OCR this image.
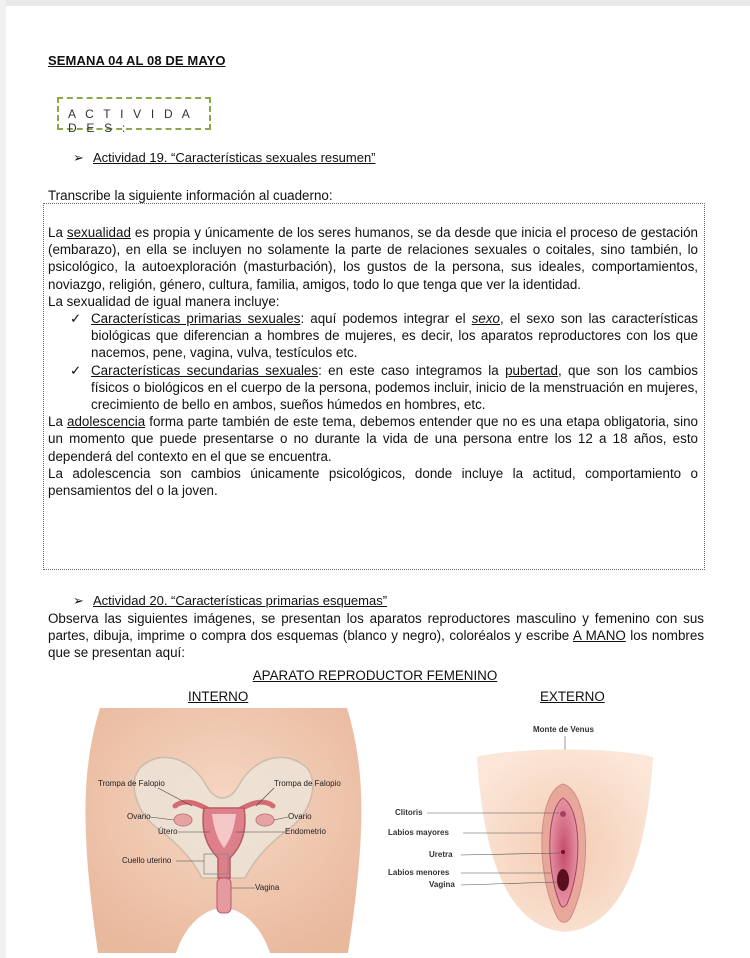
SEMANA 04 AL 08 DE MAYO
A C T I V I D A D E S :
➢ Actividad 19. “Características sexuales resumen”
Transcribe la siguiente información al cuaderno:

La sexualidad es propia y únicamente de los seres humanos, se da desde que inicia el proceso de gestación (embarazo), en ella se incluyen no solamente la parte de relaciones sexuales o coitales, sino también, lo psicológico, la autoexploración (masturbación), los gustos de la persona, sus ideales, comportamientos, noviazgo, religión, género, cultura, familia, amigos, todo lo que tenga que ver la identidad.

La sexualidad de igual manera incluye:

✓ Características primarias sexuales: aquí podemos integrar el sexo, el sexo son las características biológicas que diferencian a hombres de mujeres, es decir, los aparatos reproductores con los que nacemos, pene, vagina, vulva, testículos etc.
✓ Características secundarias sexuales: en este caso integramos la pubertad, que son los cambios físicos o biológicos en el cuerpo de la persona, podemos incluir, inicio de la menstruación en mujeres, crecimiento de bello en ambos, sueños húmedos en hombres, etc.

La adolescencia forma parte también de este tema, debemos entender que no es una etapa obligatoria, sino un momento que puede presentarse o no durante la vida de una persona entre los 12 a 18 años, esto dependerá del contexto en el que se encuentra.

La adolescencia son cambios únicamente psicológicos, donde incluye la actitud, comportamiento o pensamientos del o la joven.

➢ Actividad 20. “Características primarias esquemas”
Observa las siguientes imágenes, se presentan los aparatos reproductores masculino y femenino con sus partes, dibuja, imprime o compra dos esquemas (blanco y negro), coloréalos y escribe A MANO los nombres que se presentan aquí:
APARATO REPRODUCTOR FEMENINO
INTERNO	EXTERNO
Trompa de Falopio	Trompa de Falopio
Ovario	Ovario
Útero	Endometrio
Cuello uterino
Vagina
Monte de Venus
Clitoris
Labios mayores
Uretra
Labios menores
Vagina
